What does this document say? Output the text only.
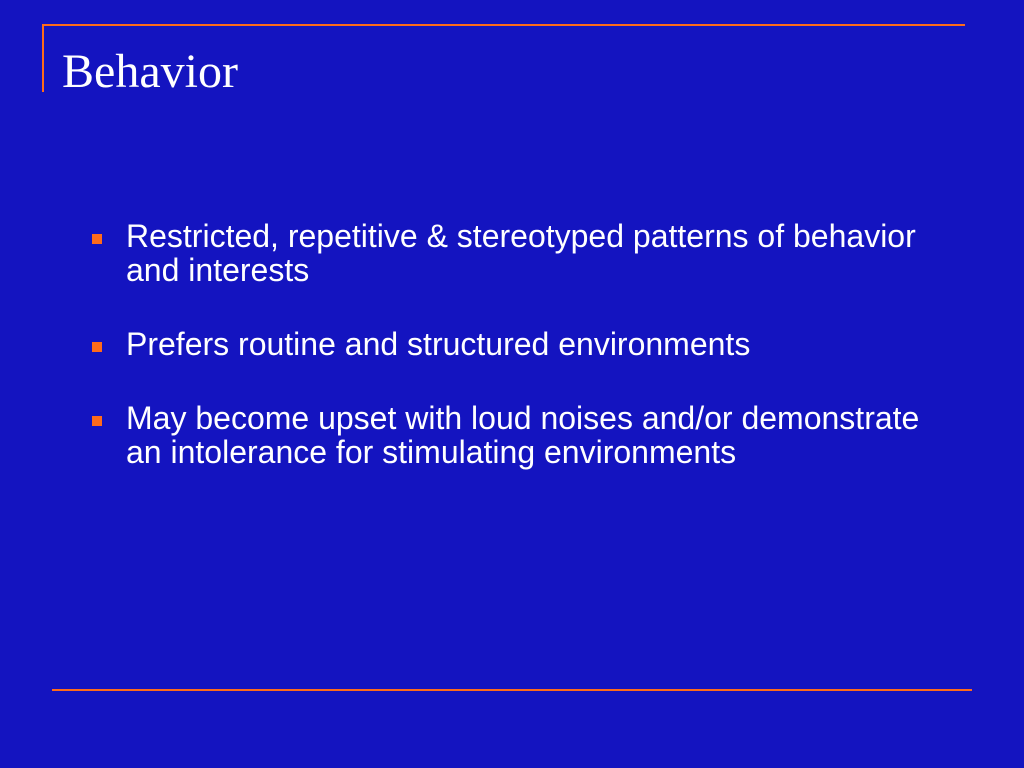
Behavior
Restricted, repetitive & stereotyped patterns of behavior and interests
Prefers routine and structured environments
May become upset with loud noises and/or demonstrate an intolerance for stimulating environments
